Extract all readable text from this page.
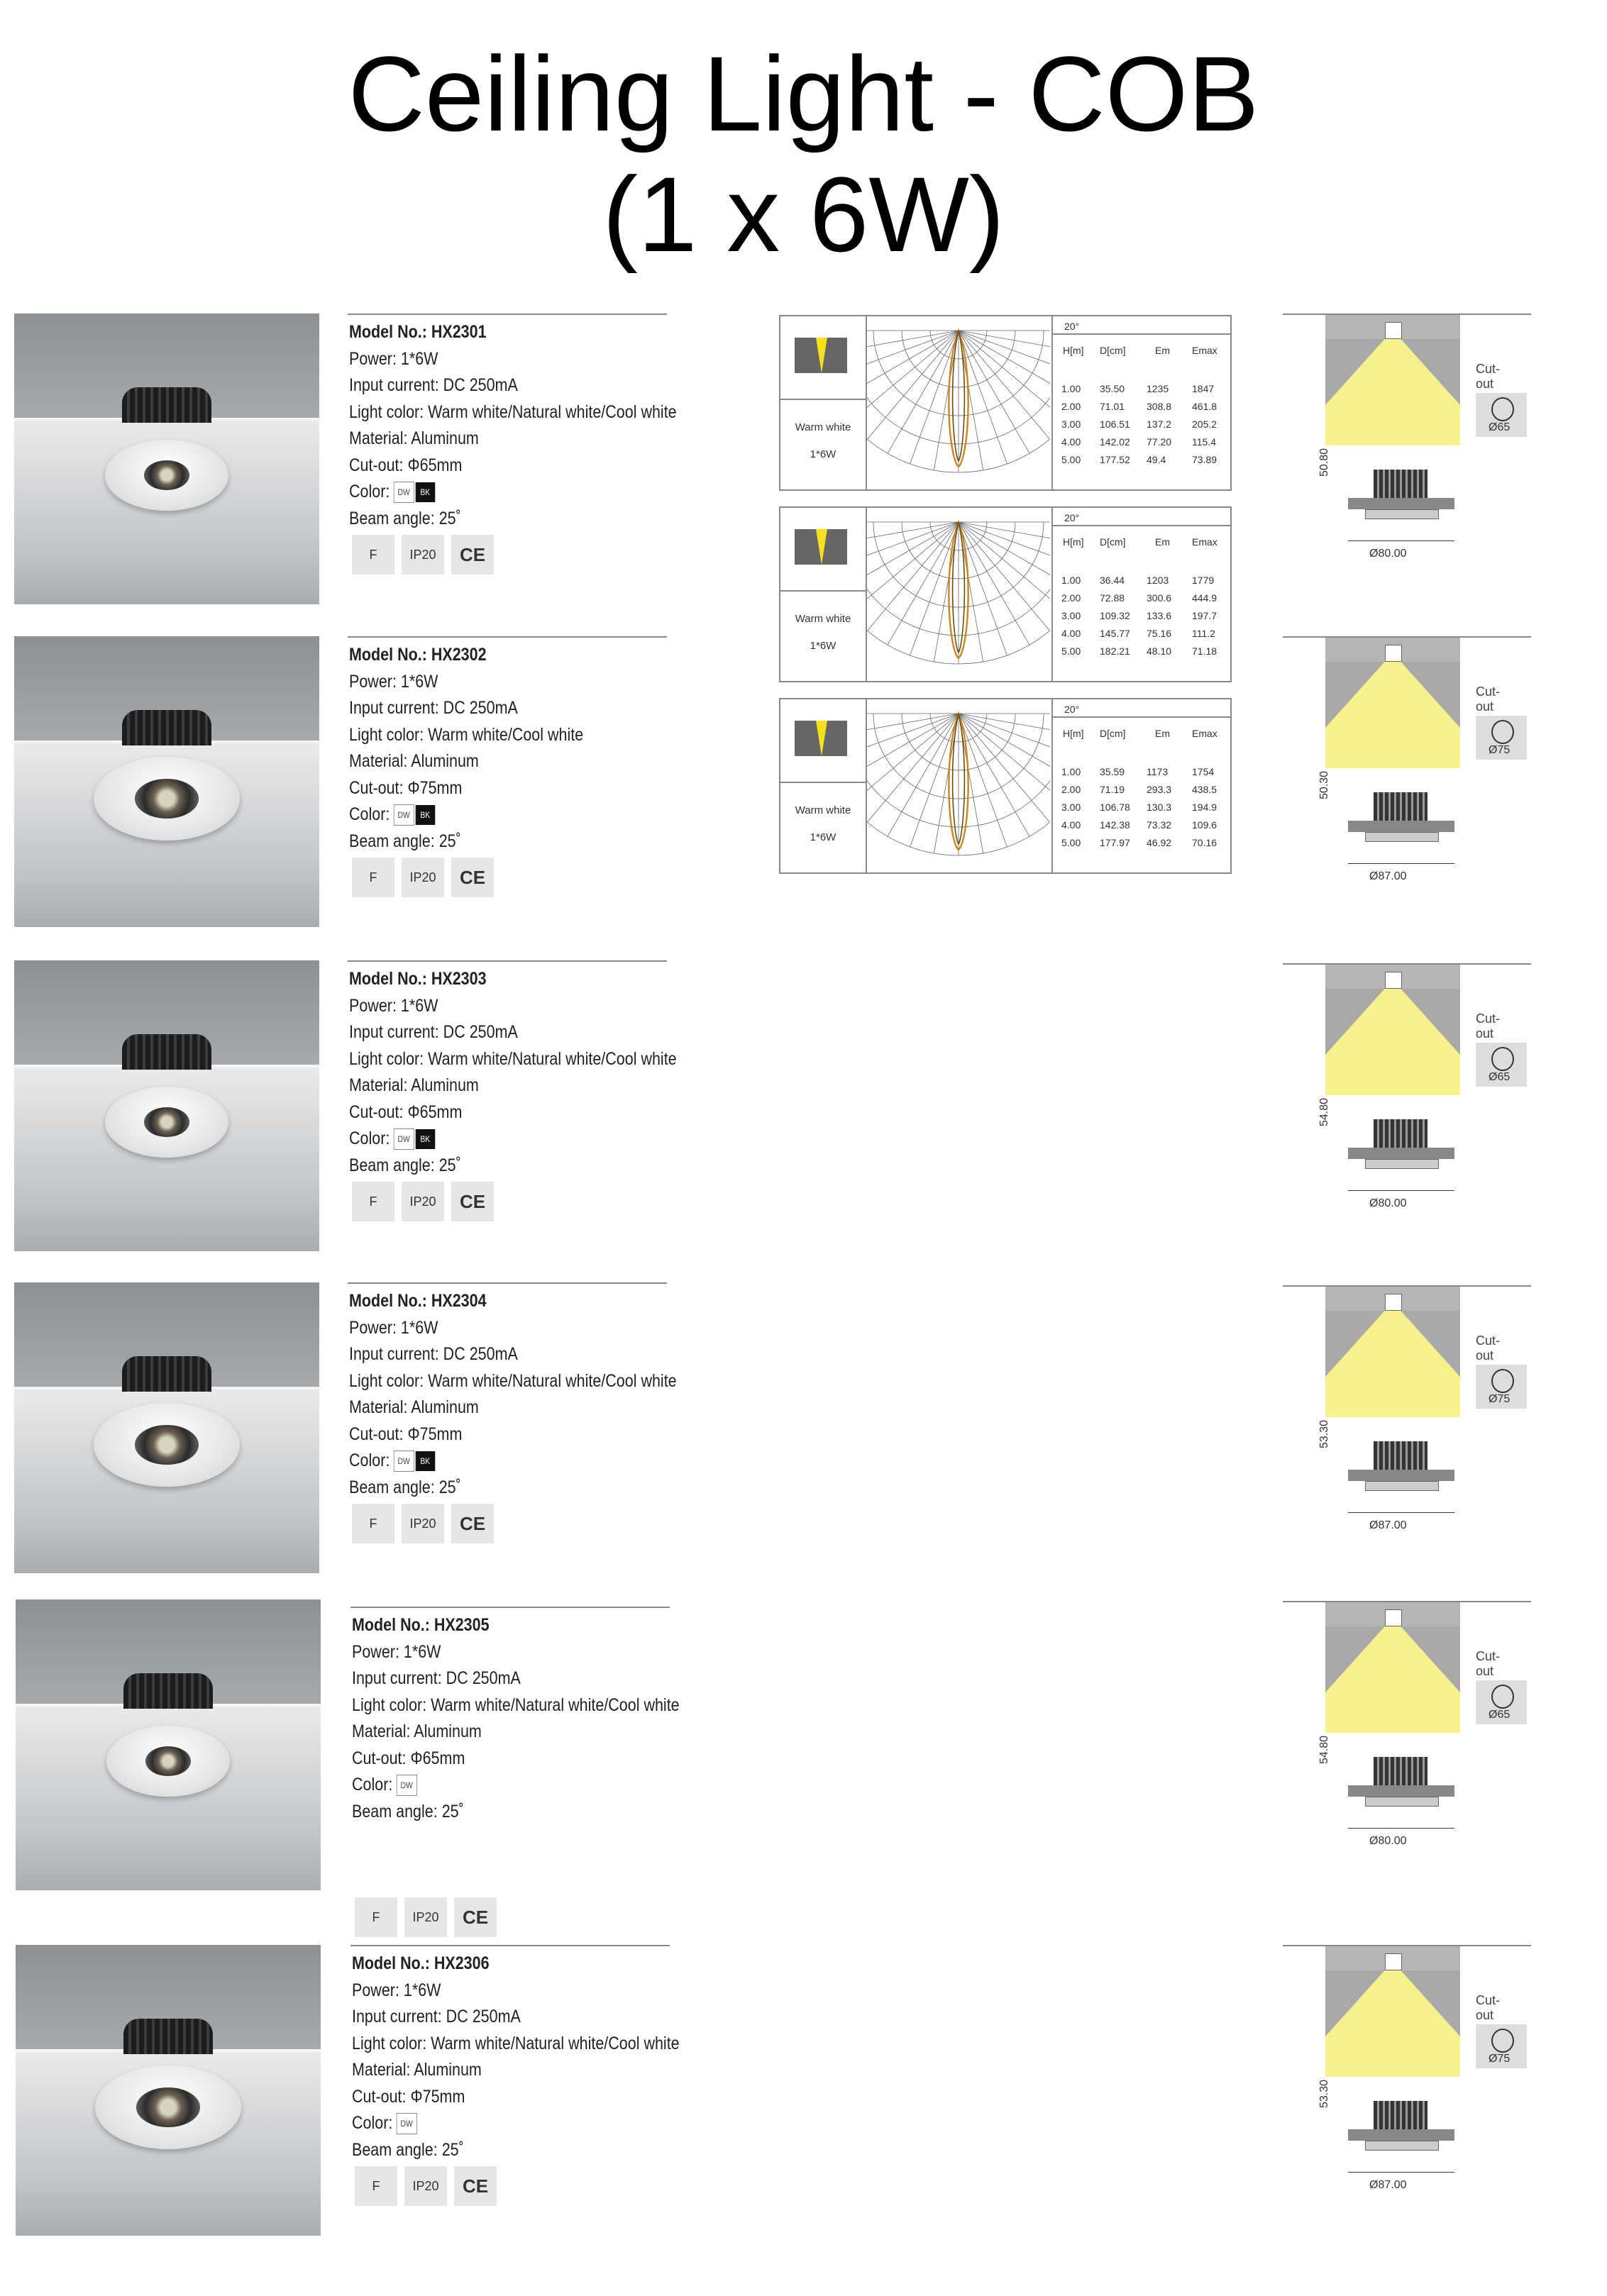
Ceiling Light - COB
(1 x 6W)
Model No.: HX2301
Power: 1*6W
Input current: DC 250mA
Light color: Warm white/Natural white/Cool white
Material: Aluminum
Cut-out: Φ65mm
Color: DW BK
Beam angle: 25˚
F	IP20	CE
Cut-out
Ø65
50.80
Ø80.00
Model No.: HX2302
Power: 1*6W
Input current: DC 250mA
Light color: Warm white/Cool white
Material: Aluminum
Cut-out: Φ75mm
Color: DW BK
Beam angle: 25˚
F	IP20	CE
Cut-out
Ø75
50.30
Ø87.00
Model No.: HX2303
Power: 1*6W
Input current: DC 250mA
Light color: Warm white/Natural white/Cool white
Material: Aluminum
Cut-out: Φ65mm
Color: DW BK
Beam angle: 25˚
F	IP20	CE
Cut-out
Ø65
54.80
Ø80.00
Model No.: HX2304
Power: 1*6W
Input current: DC 250mA
Light color: Warm white/Natural white/Cool white
Material: Aluminum
Cut-out: Φ75mm
Color: DW BK
Beam angle: 25˚
F	IP20	CE
Cut-out
Ø75
53.30
Ø87.00
Model No.: HX2305
Power: 1*6W
Input current: DC 250mA
Light color: Warm white/Natural white/Cool white
Material: Aluminum
Cut-out: Φ65mm
Color: DW
Beam angle: 25˚
F	IP20	CE
Cut-out
Ø65
54.80
Ø80.00
Model No.: HX2306
Power: 1*6W
Input current: DC 250mA
Light color: Warm white/Natural white/Cool white
Material: Aluminum
Cut-out: Φ75mm
Color: DW
Beam angle: 25˚
F	IP20	CE
Cut-out
Ø75
53.30
Ø87.00
Warm white
1*6W
20°
H[m] D[cm]	Em Emax
1.00 35.50 1235 1847
2.00 71.01 308.8 461.8
3.00 106.51 137.2 205.2
4.00 142.02 77.20 115.4
5.00 177.52 49.4	73.89
Warm white
1*6W
20°
H[m] D[cm]	Em Emax
1.00 36.44 1203 1779
2.00 72.88 300.6 444.9
3.00 109.32 133.6 197.7
4.00 145.77 75.16 111.2
5.00 182.21 48.10 71.18
Warm white
1*6W
20°
H[m] D[cm]	Em Emax
1.00 35.59 1173 1754
2.00 71.19 293.3 438.5
3.00 106.78 130.3 194.9
4.00 142.38 73.32 109.6
5.00 177.97 46.92 70.16
